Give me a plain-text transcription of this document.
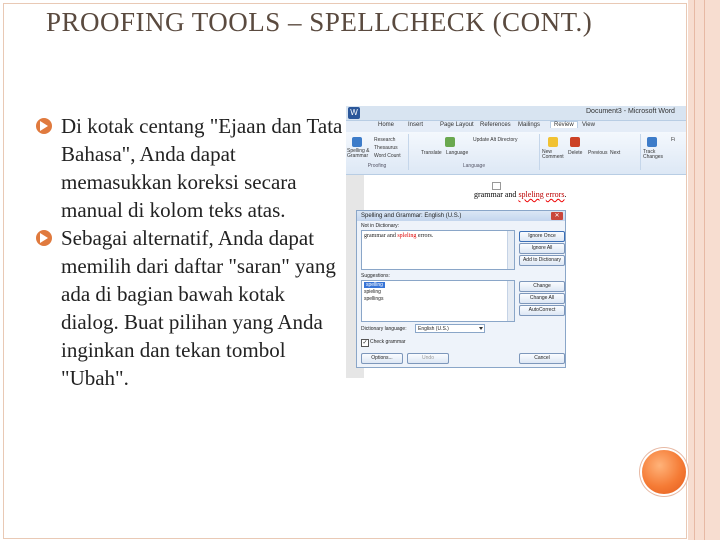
PROOFING TOOLS – SPELLCHECK (CONT.)

Di kotak centang "Ejaan dan Tata Bahasa", Anda dapat memasukkan koreksi secara manual di kolom teks atas.

Sebagai alternatif, Anda dapat memilih dari daftar "saran" yang ada di bagian bawah kotak dialog. Buat pilihan yang Anda inginkan dan tekan tombol "Ubah".

W	Document3 - Microsoft Word
Home Insert	Page Layout References Mailings	Review	View
Spelling & Grammar
Research
Thesaurus
Word Count
Proofing
Translate Language
Update Alt Directory
Language
New Comment
Delete Previous Next	Track Changes
Fi
grammar and spleling errors.
Spelling and Grammar: English (U.S.)	✕
Not in Dictionary:
grammar and spleling errors.	Ignore Once
Ignore All
Add to Dictionary
Suggestions:
spelling
spieling
spellings
Change
Change All
AutoCorrect
Dictionary language:	English (U.S.)
✓ Check grammar
Options...	Undo	Cancel
